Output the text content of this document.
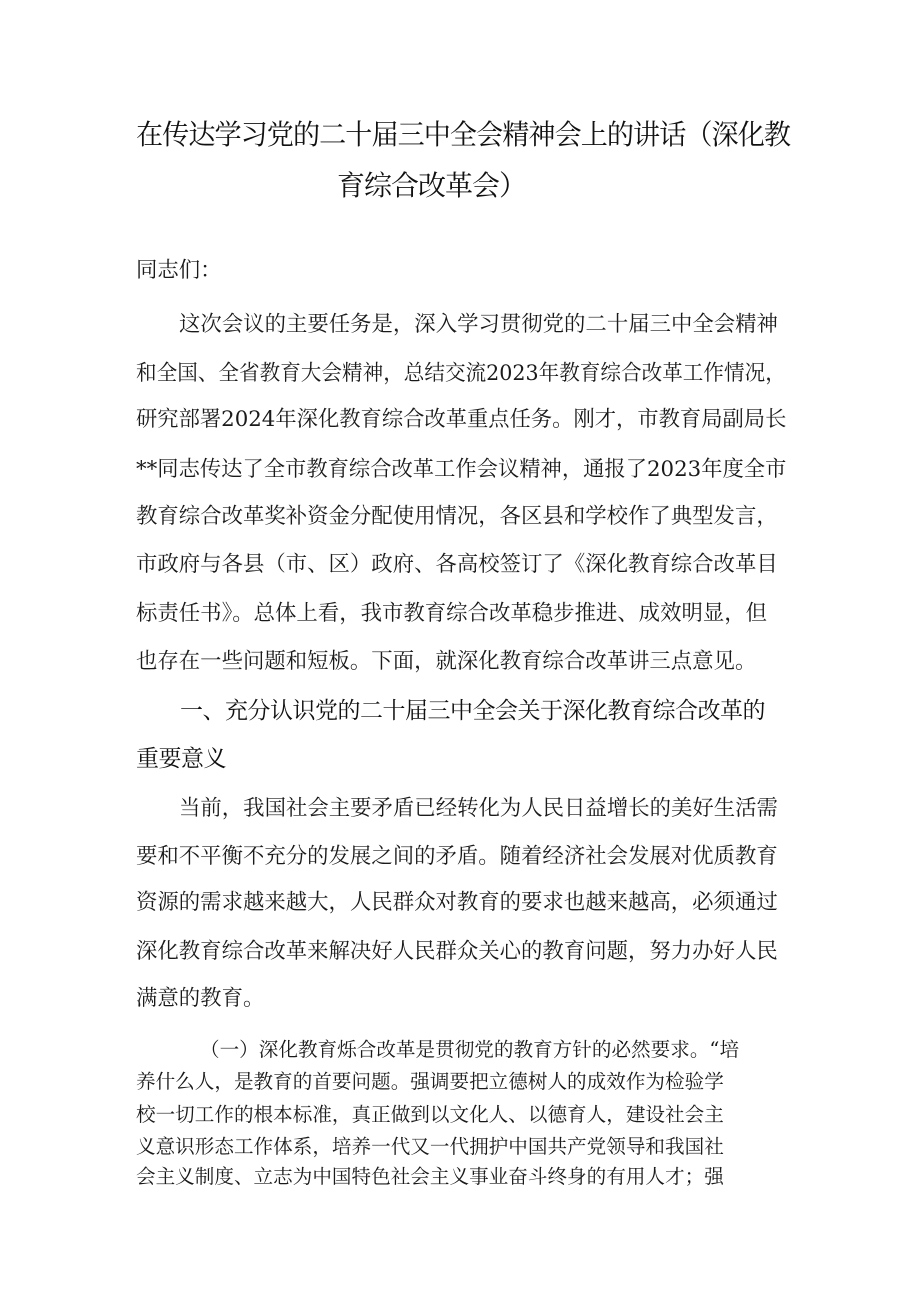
在传达学习党的二十届三中全会精神会上的讲话（深化教
育综合改革会）
同志们：
这次会议的主要任务是，深入学习贯彻党的二十届三中全会精神
和全国、全省教育大会精神，总结交流2023年教育综合改革工作情况，
研究部署2024年深化教育综合改革重点任务。刚才，市教育局副局长
**同志传达了全市教育综合改革工作会议精神，通报了2023年度全市
教育综合改革奖补资金分配使用情况，各区县和学校作了典型发言，
市政府与各县（市、区）政府、各高校签订了《深化教育综合改革目
标责任书》。总体上看，我市教育综合改革稳步推进、成效明显，但
也存在一些问题和短板。下面，就深化教育综合改革讲三点意见。
一、充分认识党的二十届三中全会关于深化教育综合改革的
重要意义
当前，我国社会主要矛盾已经转化为人民日益增长的美好生活需
要和不平衡不充分的发展之间的矛盾。随着经济社会发展对优质教育
资源的需求越来越大，人民群众对教育的要求也越来越高，必须通过
深化教育综合改革来解决好人民群众关心的教育问题，努力办好人民
满意的教育。
（一）深化教育烁合改革是贯彻党的教育方针的必然要求。“培
养什么人，是教育的首要问题。强调要把立德树人的成效作为检验学
校一切工作的根本标准，真正做到以文化人、以德育人，建设社会主
义意识形态工作体系，培养一代又一代拥护中国共产党领导和我国社
会主义制度、立志为中国特色社会主义事业奋斗终身的有用人才；强
